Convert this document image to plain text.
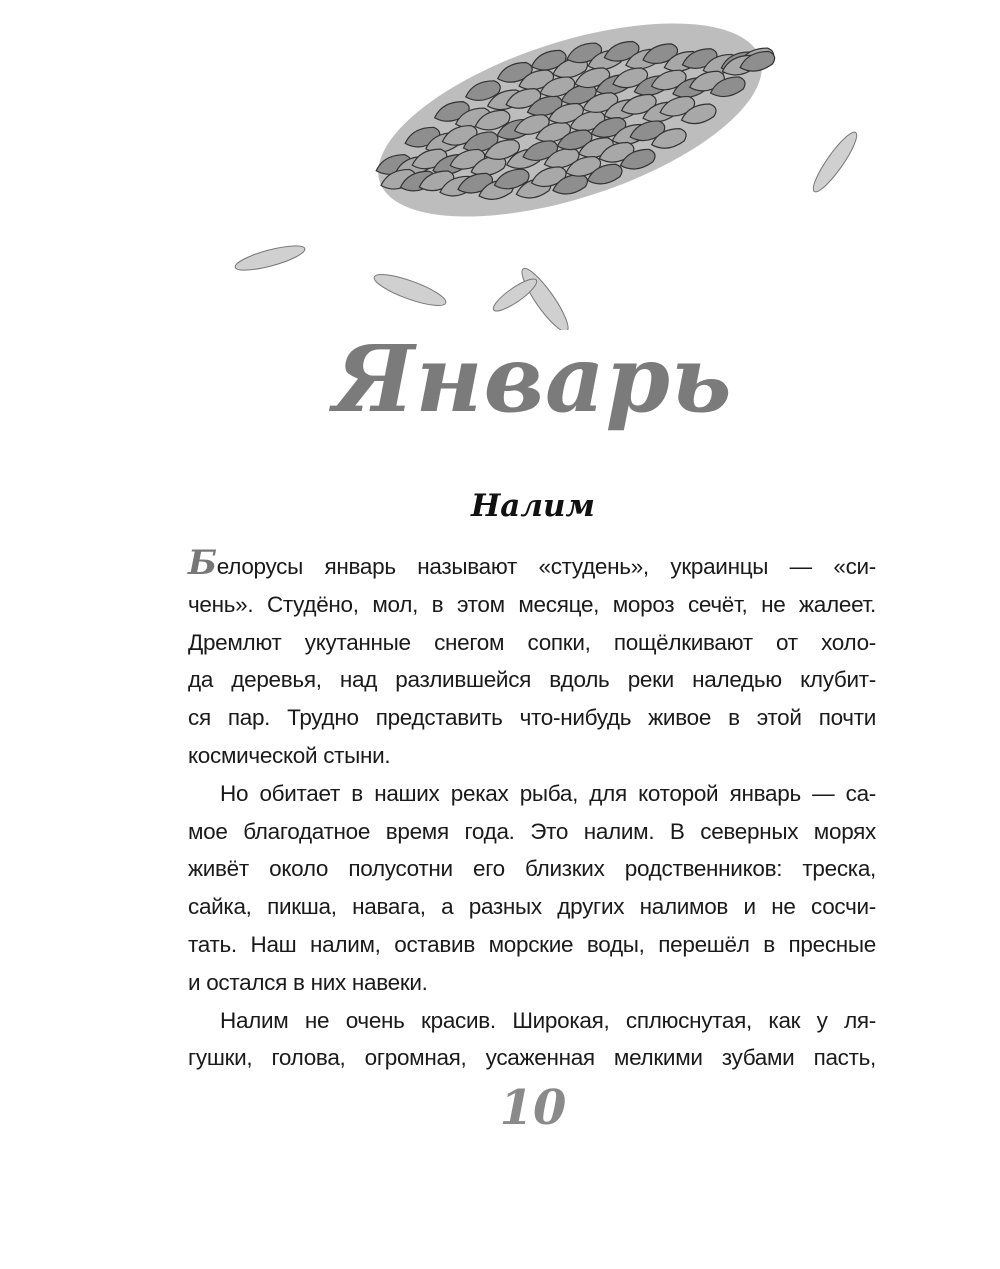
Январь
Налим
Белорусы январь называют «студень», украинцы — «си-
чень». Студёно, мол, в этом месяце, мороз сечёт, не жалеет.
Дремлют укутанные снегом сопки, пощёлкивают от холо-
да деревья, над разлившейся вдоль реки наледью клубит-
ся пар. Трудно представить что-нибудь живое в этой почти
космической стыни.
Но обитает в наших реках рыба, для которой январь — са-
мое благодатное время года. Это налим. В северных морях
живёт около полусотни его близких родственников: треска,
сайка, пикша, навага, а разных других налимов и не сосчи-
тать. Наш налим, оставив морские воды, перешёл в пресные
и остался в них навеки.
Налим не очень красив. Широкая, сплюснутая, как у ля-
гушки, голова, огромная, усаженная мелкими зубами пасть,
10
